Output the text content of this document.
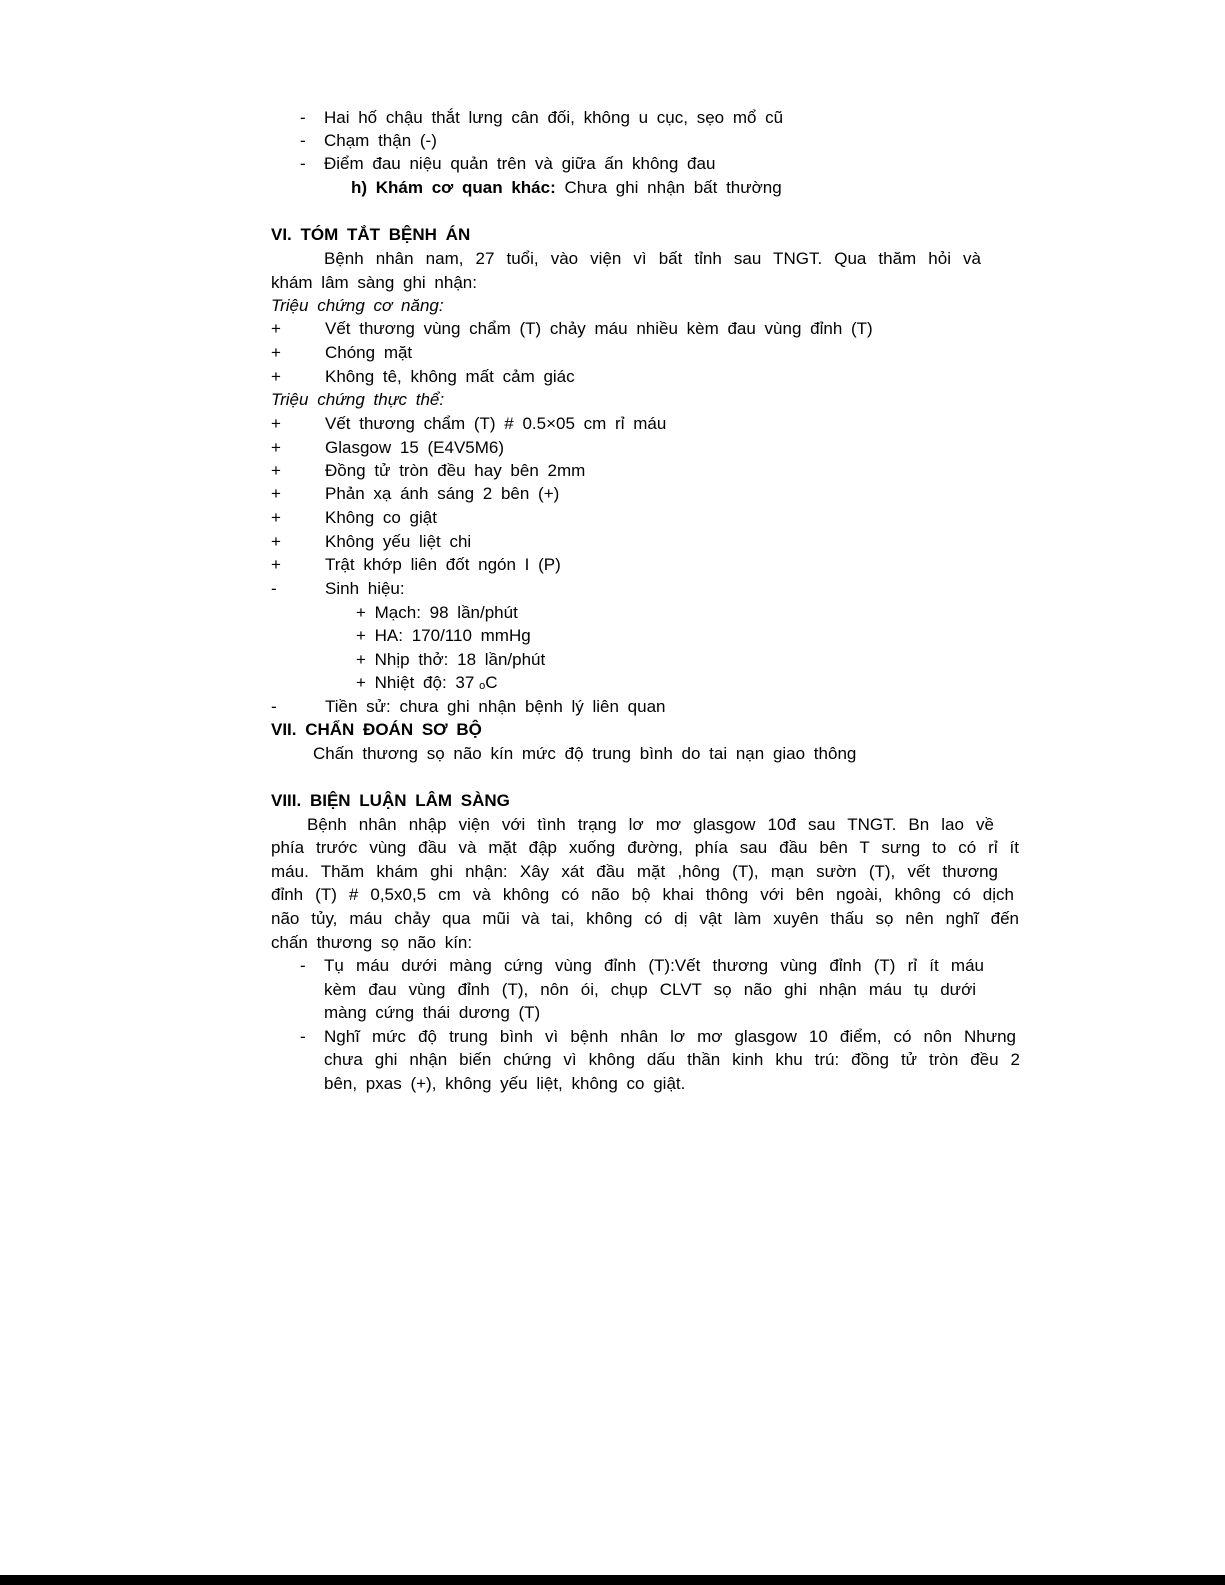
- Hai hố chậu thắt lưng cân đối, không u cục, sẹo mổ cũ
- Chạm thận (-)
- Điểm đau niệu quản trên và giữa ấn không đau
h) Khám cơ quan khác: Chưa ghi nhận bất thường
VI. TÓM TẮT BỆNH ÁN
Bệnh nhân nam, 27 tuổi, vào viện vì bất tỉnh sau TNGT. Qua thăm hỏi và
khám lâm sàng ghi nhận:
Triệu chứng cơ năng:
+	Vết thương vùng chẩm (T) chảy máu nhiều kèm đau vùng đỉnh (T)
+	Chóng mặt
+	Không tê, không mất cảm giác
Triệu chứng thực thể:
+	Vết thương chẩm (T) # 0.5×05 cm rỉ máu
+	Glasgow 15 (E4V5M6)
+	Đồng tử tròn đều hay bên 2mm
+	Phản xạ ánh sáng 2 bên (+)
+	Không co giật
+	Không yếu liệt chi
+	Trật khớp liên đốt ngón I (P)
-	Sinh hiệu:
+ Mạch: 98 lần/phút
+ HA: 170/110 mmHg
+ Nhịp thở: 18 lần/phút
+ Nhiệt độ: 37 $_o$C
-	Tiền sử: chưa ghi nhận bệnh lý liên quan
VII. CHẨN ĐOÁN SƠ BỘ
Chấn thương sọ não kín mức độ trung bình do tai nạn giao thông
VIII. BIỆN LUẬN LÂM SÀNG
Bệnh nhân nhập viện với tình trạng lơ mơ glasgow 10đ sau TNGT. Bn lao về
phía trước vùng đầu và mặt đập xuống đường, phía sau đầu bên T sưng to có rỉ ít
máu. Thăm khám ghi nhận: Xây xát đầu mặt ,hông (T), mạn sườn (T), vết thương
đỉnh (T) # 0,5x0,5 cm và không có não bộ khai thông với bên ngoài, không có dịch
não tủy, máu chảy qua mũi và tai, không có dị vật làm xuyên thấu sọ nên nghĩ đến
chấn thương sọ não kín:
- Tụ máu dưới màng cứng vùng đỉnh (T):Vết thương vùng đỉnh (T) rỉ ít máu
kèm đau vùng đỉnh (T), nôn ói, chụp CLVT sọ não ghi nhận máu tụ dưới
màng cứng thái dương (T)
- Nghĩ mức độ trung bình vì bệnh nhân lơ mơ glasgow 10 điểm, có nôn Nhưng
chưa ghi nhận biến chứng vì không dấu thần kinh khu trú: đồng tử tròn đều 2
bên, pxas (+), không yếu liệt, không co giật.
